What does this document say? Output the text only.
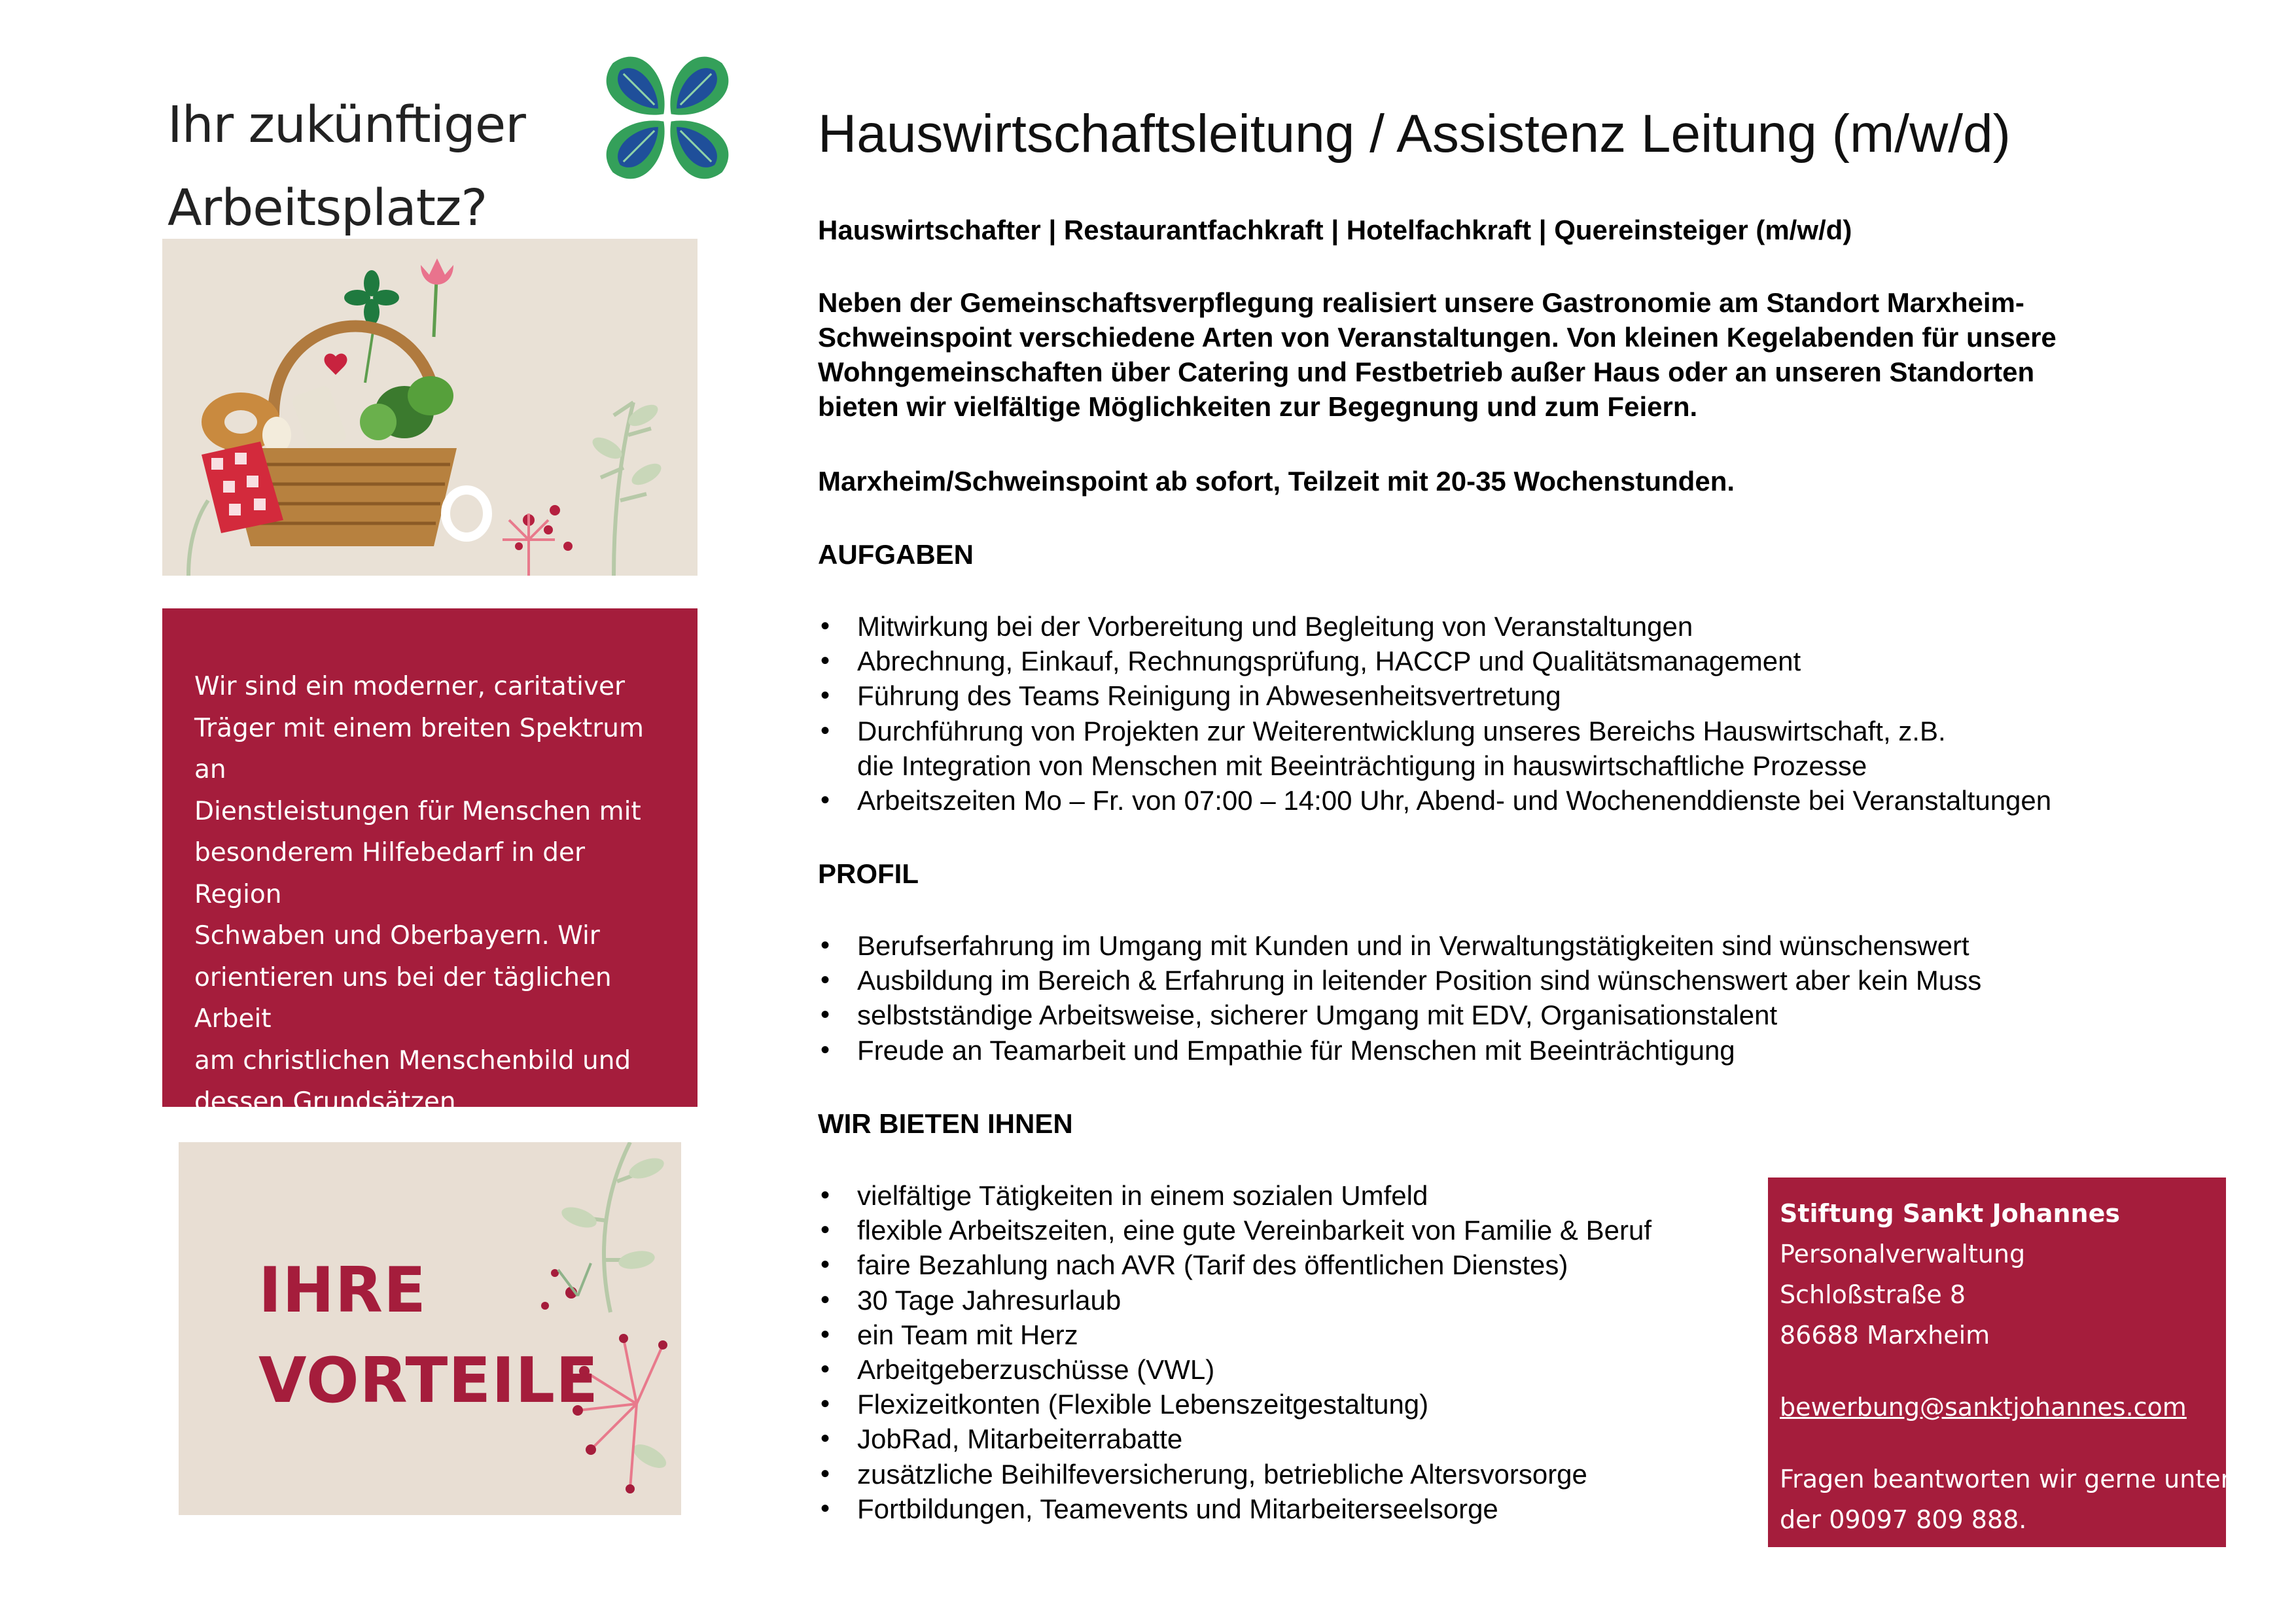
Ihr zukünftiger
Arbeitsplatz?
Wir sind ein moderner, caritativer
Träger mit einem breiten Spektrum an
Dienstleistungen für Menschen mit
besonderem Hilfebedarf in der Region
Schwaben und Oberbayern. Wir
orientieren uns bei der täglichen Arbeit
am christlichen Menschenbild und
dessen Grundsätzen.
IHRE
VORTEILE
Hauswirtschaftsleitung / Assistenz Leitung (m/w/d)
Hauswirtschafter | Restaurantfachkraft | Hotelfachkraft | Quereinsteiger (m/w/d)
Neben der Gemeinschaftsverpflegung realisiert unsere Gastronomie am Standort Marxheim-
Schweinspoint verschiedene Arten von Veranstaltungen. Von kleinen Kegelabenden für unsere
Wohngemeinschaften über Catering und Festbetrieb außer Haus oder an unseren Standorten
bieten wir vielfältige Möglichkeiten zur Begegnung und zum Feiern.
Marxheim/Schweinspoint ab sofort, Teilzeit mit 20-35 Wochenstunden.
AUFGABEN
• Mitwirkung bei der Vorbereitung und Begleitung von Veranstaltungen
• Abrechnung, Einkauf, Rechnungsprüfung, HACCP und Qualitätsmanagement
• Führung des Teams Reinigung in Abwesenheitsvertretung
• Durchführung von Projekten zur Weiterentwicklung unseres Bereichs Hauswirtschaft, z.B.
die Integration von Menschen mit Beeinträchtigung in hauswirtschaftliche Prozesse
• Arbeitszeiten Mo – Fr. von 07:00 – 14:00 Uhr, Abend- und Wochenenddienste bei Veranstaltungen
PROFIL
• Berufserfahrung im Umgang mit Kunden und in Verwaltungstätigkeiten sind wünschenswert
• Ausbildung im Bereich & Erfahrung in leitender Position sind wünschenswert aber kein Muss
• selbstständige Arbeitsweise, sicherer Umgang mit EDV, Organisationstalent
• Freude an Teamarbeit und Empathie für Menschen mit Beeinträchtigung
WIR BIETEN IHNEN
• vielfältige Tätigkeiten in einem sozialen Umfeld
• flexible Arbeitszeiten, eine gute Vereinbarkeit von Familie & Beruf
• faire Bezahlung nach AVR (Tarif des öffentlichen Dienstes)
• 30 Tage Jahresurlaub
• ein Team mit Herz
• Arbeitgeberzuschüsse (VWL)
• Flexizeitkonten (Flexible Lebenszeitgestaltung)
• JobRad, Mitarbeiterrabatte
• zusätzliche Beihilfeversicherung, betriebliche Altersvorsorge
• Fortbildungen, Teamevents und Mitarbeiterseelsorge
Stiftung Sankt Johannes
Personalverwaltung
Schloßstraße 8
86688 Marxheim
bewerbung@sanktjohannes.com
Fragen beantworten wir gerne unter
der 09097 809 888.
